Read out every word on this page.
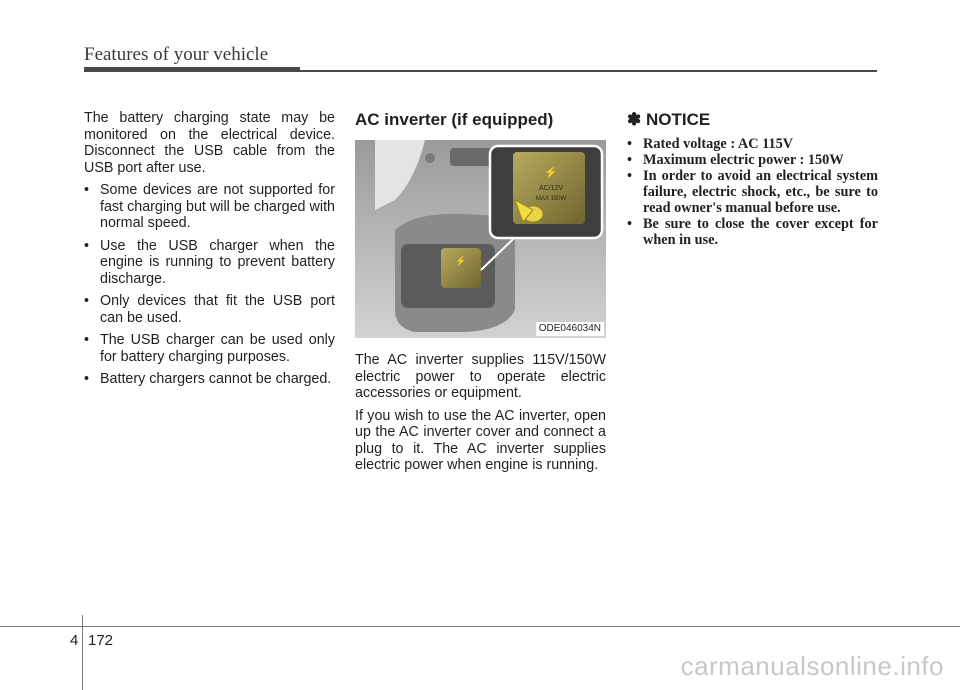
Features of your vehicle

The battery charging state may be monitored on the electrical device. Disconnect the USB cable from the USB port after use.

• Some devices are not supported for fast charging but will be charged with normal speed.
• Use the USB charger when the engine is running to prevent battery discharge.
• Only devices that fit the USB port can be used.
• The USB charger can be used only for battery charging purposes.
• Battery chargers cannot be charged.
AC inverter (if equipped)
⚡
⚡
AC/12V
MAX 150W
ODE046034N

The AC inverter supplies 115V/150W electric power to operate electric accessories or equipment.

If you wish to use the AC inverter, open up the AC inverter cover and connect a plug to it. The AC inverter supplies electric power when engine is running.

✽ NOTICE
• Rated voltage : AC 115V
• Maximum electric power : 150W
• In order to avoid an electrical system failure, electric shock, etc., be sure to read owner's manual before use.
• Be sure to close the cover except for when in use.
4 172
carmanualsonline.info
